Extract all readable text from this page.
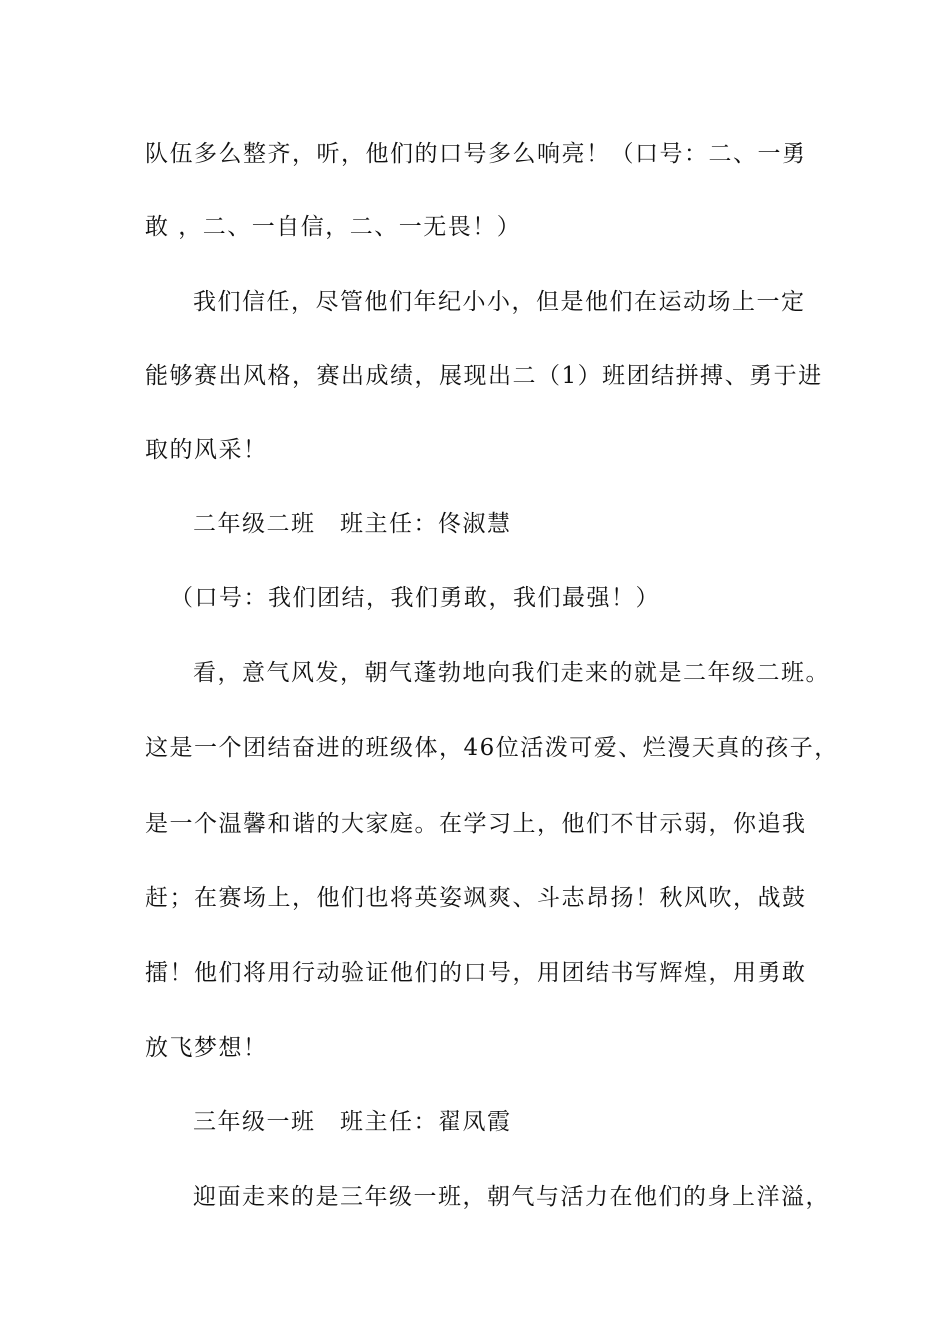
队伍多么整齐，听，他们的口号多么响亮！（口号：二、一勇
敢 ，二、一自信，二、一无畏！）
我们信任，尽管他们年纪小小，但是他们在运动场上一定
能够赛出风格，赛出成绩，展现出二（1）班团结拼搏、勇于进
取的风采！
二年级二班　班主任：佟淑慧
（口号：我们团结，我们勇敢，我们最强！）
看，意气风发，朝气蓬勃地向我们走来的就是二年级二班。
这是一个团结奋进的班级体，46位活泼可爱、烂漫天真的孩子，
是一个温馨和谐的大家庭。在学习上，他们不甘示弱，你追我
赶；在赛场上，他们也将英姿飒爽、斗志昂扬！秋风吹，战鼓
擂！他们将用行动验证他们的口号，用团结书写辉煌，用勇敢
放飞梦想！
三年级一班　班主任：翟凤霞
迎面走来的是三年级一班，朝气与活力在他们的身上洋溢，
